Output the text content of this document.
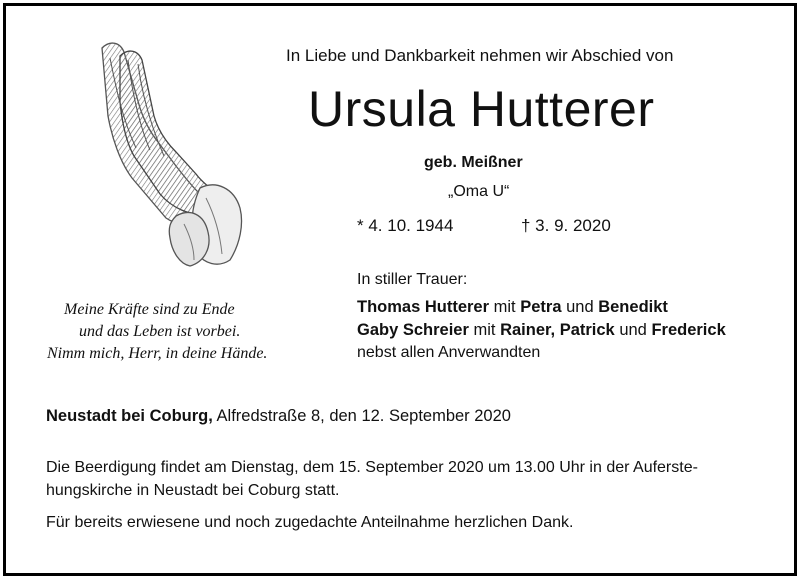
In Liebe und Dankbarkeit nehmen wir Abschied von
Ursula Hutterer
geb. Meißner
„Oma U“
* 4. 10. 1944	† 3. 9. 2020
Meine Kräfte sind zu Ende
und das Leben ist vorbei.
Nimm mich, Herr, in deine Hände.
In stiller Trauer:
Thomas Hutterer mit Petra und Benedikt
Gaby Schreier mit Rainer, Patrick und Frederick
nebst allen Anverwandten
Neustadt bei Coburg, Alfredstraße 8, den 12. September 2020
Die Beerdigung findet am Dienstag, dem 15. September 2020 um 13.00 Uhr in der Auferste-
hungskirche in Neustadt bei Coburg statt.
Für bereits erwiesene und noch zugedachte Anteilnahme herzlichen Dank.
